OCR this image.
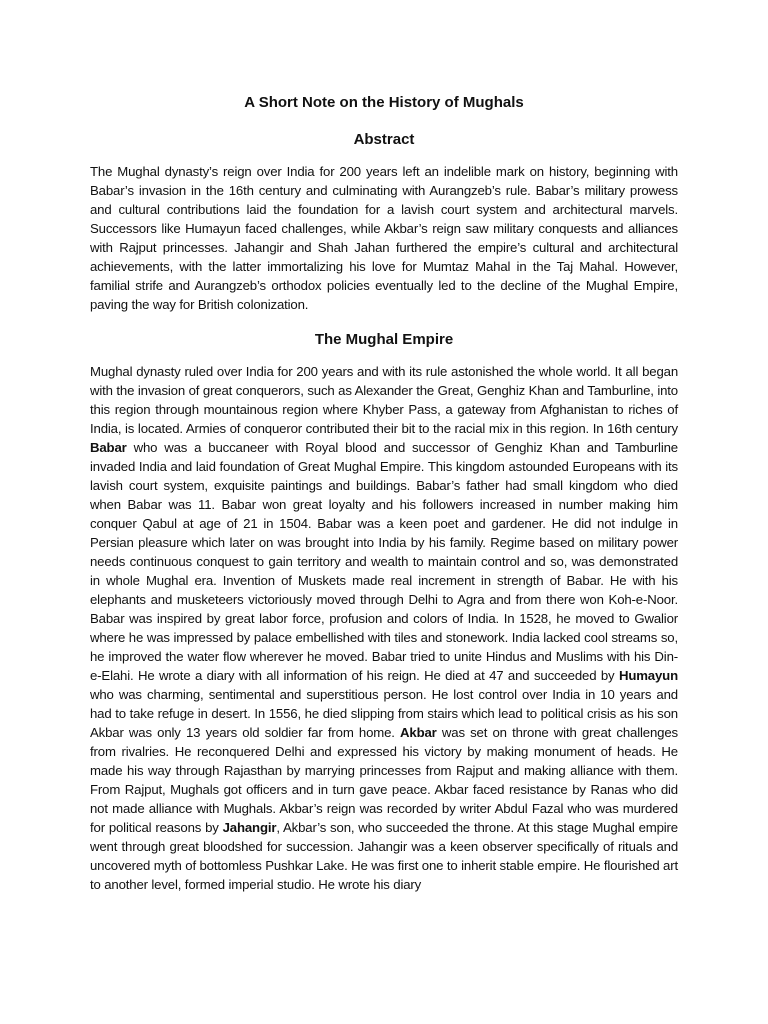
A Short Note on the History of Mughals
Abstract

The Mughal dynasty’s reign over India for 200 years left an indelible mark on history, beginning with Babar’s invasion in the 16th century and culminating with Aurangzeb’s rule. Babar’s military prowess and cultural contributions laid the foundation for a lavish court system and architectural marvels. Successors like Humayun faced challenges, while Akbar’s reign saw military conquests and alliances with Rajput princesses. Jahangir and Shah Jahan furthered the empire’s cultural and architectural achievements, with the latter immortalizing his love for Mumtaz Mahal in the Taj Mahal. However, familial strife and Aurangzeb’s orthodox policies eventually led to the decline of the Mughal Empire, paving the way for British colonization.

The Mughal Empire

Mughal dynasty ruled over India for 200 years and with its rule astonished the whole world. It all began with the invasion of great conquerors, such as Alexander the Great, Genghiz Khan and Tamburline, into this region through mountainous region where Khyber Pass, a gateway from Afghanistan to riches of India, is located. Armies of conqueror contributed their bit to the racial mix in this region. In 16th century Babar who was a buccaneer with Royal blood and successor of Genghiz Khan and Tamburline invaded India and laid foundation of Great Mughal Empire. This kingdom astounded Europeans with its lavish court system, exquisite paintings and buildings. Babar’s father had small kingdom who died when Babar was 11. Babar won great loyalty and his followers increased in number making him conquer Qabul at age of 21 in 1504. Babar was a keen poet and gardener. He did not indulge in Persian pleasure which later on was brought into India by his family. Regime based on military power needs continuous conquest to gain territory and wealth to maintain control and so, was demonstrated in whole Mughal era. Invention of Muskets made real increment in strength of Babar. He with his elephants and musketeers victoriously moved through Delhi to Agra and from there won Koh-e-Noor. Babar was inspired by great labor force, profusion and colors of India. In 1528, he moved to Gwalior where he was impressed by palace embellished with tiles and stonework. India lacked cool streams so, he improved the water flow wherever he moved. Babar tried to unite Hindus and Muslims with his Din-e-Elahi. He wrote a diary with all information of his reign. He died at 47 and succeeded by Humayun who was charming, sentimental and superstitious person. He lost control over India in 10 years and had to take refuge in desert. In 1556, he died slipping from stairs which lead to political crisis as his son Akbar was only 13 years old soldier far from home. Akbar was set on throne with great challenges from rivalries. He reconquered Delhi and expressed his victory by making monument of heads. He made his way through Rajasthan by marrying princesses from Rajput and making alliance with them. From Rajput, Mughals got officers and in turn gave peace. Akbar faced resistance by Ranas who did not made alliance with Mughals. Akbar’s reign was recorded by writer Abdul Fazal who was murdered for political reasons by Jahangir, Akbar’s son, who succeeded the throne. At this stage Mughal empire went through great bloodshed for succession. Jahangir was a keen observer specifically of rituals and uncovered myth of bottomless Pushkar Lake. He was first one to inherit stable empire. He flourished art to another level, formed imperial studio. He wrote his diary
